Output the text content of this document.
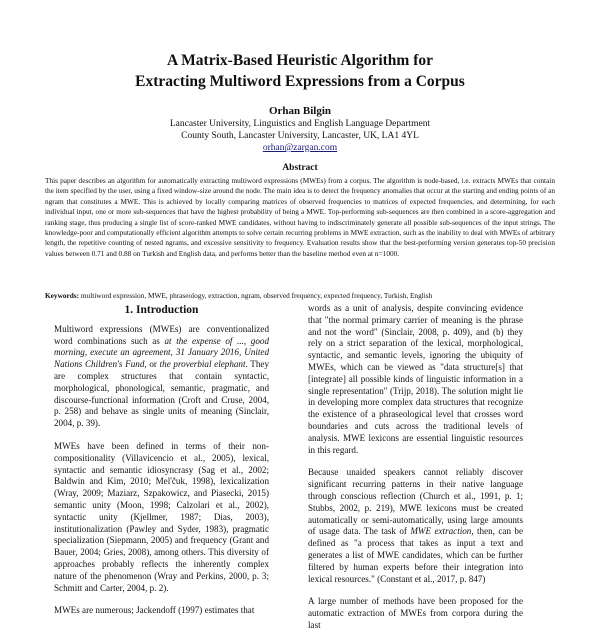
A Matrix-Based Heuristic Algorithm for
Extracting Multiword Expressions from a Corpus

Orhan Bilgin

Lancaster University, Linguistics and English Language Department
County South, Lancaster University, Lancaster, UK, LA1 4YL
orhan@zargan.com

Abstract

This paper describes an algorithm for automatically extracting multiword expressions (MWEs) from a corpus. The algorithm is node-based, i.e. extracts MWEs that contain the item specified by the user, using a fixed window-size around the node. The main idea is to detect the frequency anomalies that occur at the starting and ending points of an ngram that constitutes a MWE. This is achieved by locally comparing matrices of observed frequencies to matrices of expected frequencies, and determining, for each individual input, one or more sub-sequences that have the highest probability of being a MWE. Top-performing sub-sequences are then combined in a score-aggregation and ranking stage, thus producing a single list of score-ranked MWE candidates, without having to indiscriminately generate all possible sub-sequences of the input strings. The knowledge-poor and computationally efficient algorithm attempts to solve certain recurring problems in MWE extraction, such as the inability to deal with MWEs of arbitrary length, the repetitive counting of nested ngrams, and excessive sensitivity to frequency. Evaluation results show that the best-performing version generates top-50 precision values between 0.71 and 0.88 on Turkish and English data, and performs better than the baseline method even at n=1000.

Keywords: multiword expression, MWE, phraseology, extraction, ngram, observed frequency, expected frequency, Turkish, English

1. Introduction

Multiword expressions (MWEs) are conventionalized word combinations such as at the expense of ..., good morning, execute an agreement, 31 January 2016, United Nations Children's Fund, or the proverbial elephant. They are complex structures that contain syntactic, morphological, phonological, semantic, pragmatic, and discourse-functional information (Croft and Cruse, 2004, p. 258) and behave as single units of meaning (Sinclair, 2004, p. 39).

MWEs have been defined in terms of their non-compositionality (Villavicencio et al., 2005), lexical, syntactic and semantic idiosyncrasy (Sag et al., 2002; Baldwin and Kim, 2010; Mel'čuk, 1998), lexicalization (Wray, 2009; Maziarz, Szpakowicz, and Piasecki, 2015) semantic unity (Moon, 1998; Calzolari et al., 2002), syntactic unity (Kjellmer, 1987; Dias, 2003), institutionalization (Pawley and Syder, 1983), pragmatic specialization (Siepmann, 2005) and frequency (Grant and Bauer, 2004; Gries, 2008), among others. This diversity of approaches probably reflects the inherently complex nature of the phenomenon (Wray and Perkins, 2000, p. 3; Schmitt and Carter, 2004, p. 2).

MWEs are numerous; Jackendoff (1997) estimates that

words as a unit of analysis, despite convincing evidence that "the normal primary carrier of meaning is the phrase and not the word" (Sinclair, 2008, p. 409), and (b) they rely on a strict separation of the lexical, morphological, syntactic, and semantic levels, ignoring the ubiquity of MWEs, which can be viewed as "data structure[s] that [integrate] all possible kinds of linguistic information in a single representation" (Trijp, 2018). The solution might lie in developing more complex data structures that recognize the existence of a phraseological level that crosses word boundaries and cuts across the traditional levels of analysis. MWE lexicons are essential linguistic resources in this regard.

Because unaided speakers cannot reliably discover significant recurring patterns in their native language through conscious reflection (Church et al., 1991, p. 1; Stubbs, 2002, p. 219), MWE lexicons must be created automatically or semi-automatically, using large amounts of usage data. The task of MWE extraction, then, can be defined as "a process that takes as input a text and generates a list of MWE candidates, which can be further filtered by human experts before their integration into lexical resources." (Constant et al., 2017, p. 847)

A large number of methods have been proposed for the automatic extraction of MWEs from corpora during the last
